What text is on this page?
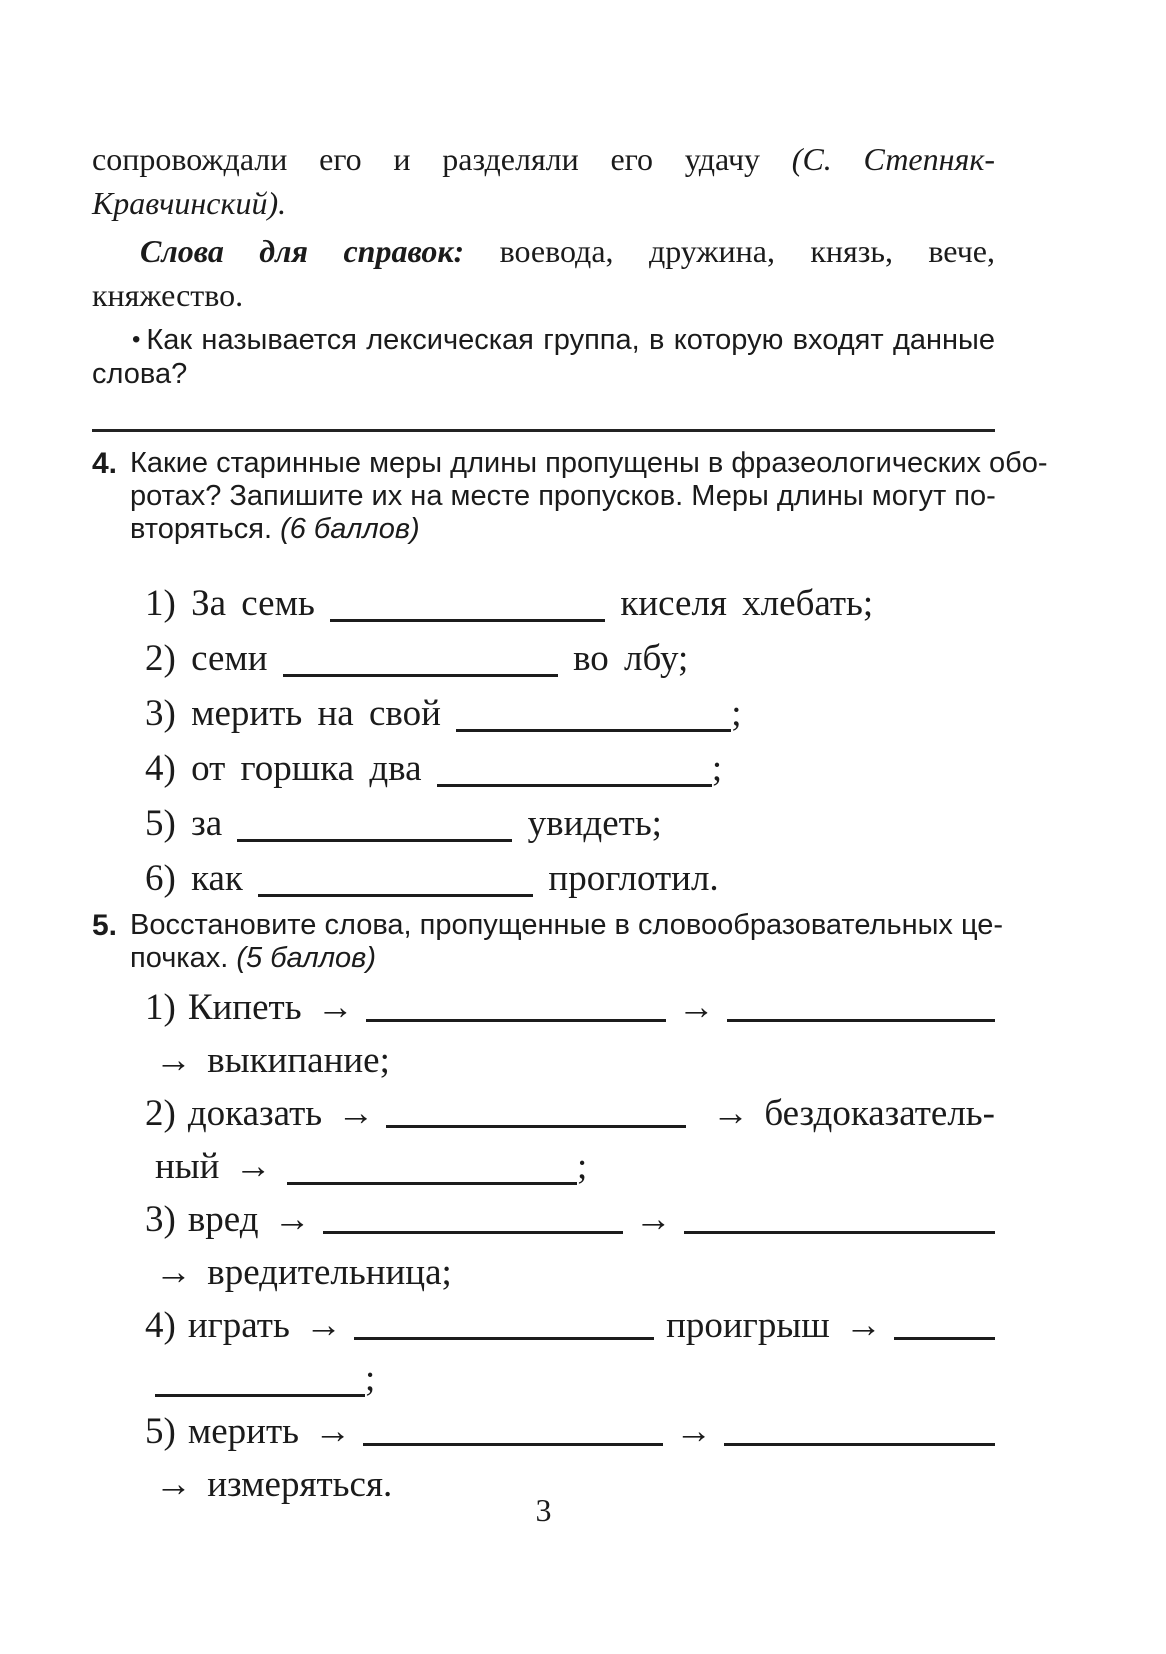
сопровождали его и разделяли его удачу (С. Степняк-
Кравчинский).
Слова для справок: воевода, дружина, князь, вече,
княжество.
• Как называется лексическая группа, в которую входят данные
слова?
4. Какие старинные меры длины пропущены в фразеологических обо-
ротах? Запишите их на месте пропусков. Меры длины могут по-
вторяться. (6 баллов)
1) За семь	киселя хлебать;
2) семи	во лбу;
3) мерить на свой	;
4) от горшка два	;
5) за	увидеть;
6) как	проглотил.
5. Восстановите слова, пропущенные в словообразовательных це-
почках. (5 баллов)
1) Кипеть →	→
→ выкипание;
2) доказать →	→ бездоказатель-
ный →	;
3) вред →	→
→ вредительница;
4) играть →	проигрыш →
;
5) мерить →	→
→ измеряться.
3
